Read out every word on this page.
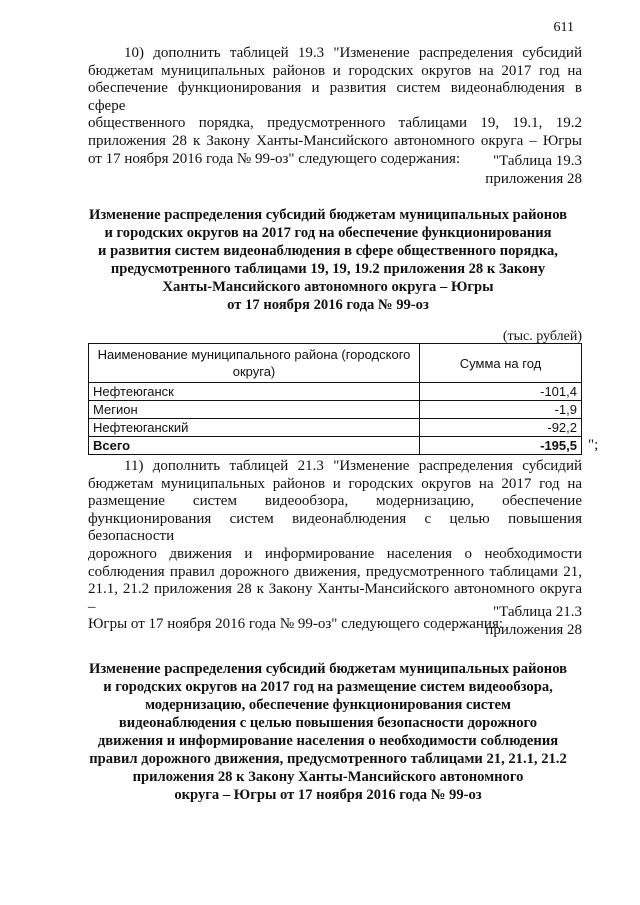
611
10) дополнить таблицей 19.3 "Изменение распределения субсидий
бюджетам муниципальных районов и городских округов на 2017 год на
обеспечение функционирования и развития систем видеонаблюдения в сфере
общественного порядка, предусмотренного таблицами 19, 19.1, 19.2
приложения 28 к Закону Ханты-Мансийского автономного округа – Югры
от 17 ноября 2016 года № 99-оз" следующего содержания:	"Таблица 19.3
приложения 28
Изменение распределения субсидий бюджетам муниципальных районов
и городских округов на 2017 год на обеспечение функционирования
и развития систем видеонаблюдения в сфере общественного порядка,
предусмотренного таблицами 19, 19, 19.2 приложения 28 к Закону
Ханты-Мансийского автономного округа – Югры
от 17 ноября 2016 года № 99-оз
(тыс. рублей)
Наименование муниципального района (городского округа)	Сумма на год
Нефтеюганск	-101,4
Мегион	-1,9
Нефтеюганский	-92,2
Всего	-195,5 ";
11) дополнить таблицей 21.3 "Изменение распределения субсидий
бюджетам муниципальных районов и городских округов на 2017 год на
размещение систем видеообзора, модернизацию, обеспечение
функционирования систем видеонаблюдения с целью повышения безопасности
дорожного движения и информирование населения о необходимости
соблюдения правил дорожного движения, предусмотренного таблицами 21,
21.1, 21.2 приложения 28 к Закону Ханты-Мансийского автономного округа –
Югры от 17 ноября 2016 года № 99-оз" следующего содержания:
"Таблица 21.3
приложения 28
Изменение распределения субсидий бюджетам муниципальных районов
и городских округов на 2017 год на размещение систем видеообзора,
модернизацию, обеспечение функционирования систем
видеонаблюдения с целью повышения безопасности дорожного
движения и информирование населения о необходимости соблюдения
правил дорожного движения, предусмотренного таблицами 21, 21.1, 21.2
приложения 28 к Закону Ханты-Мансийского автономного
округа – Югры от 17 ноября 2016 года № 99-оз
